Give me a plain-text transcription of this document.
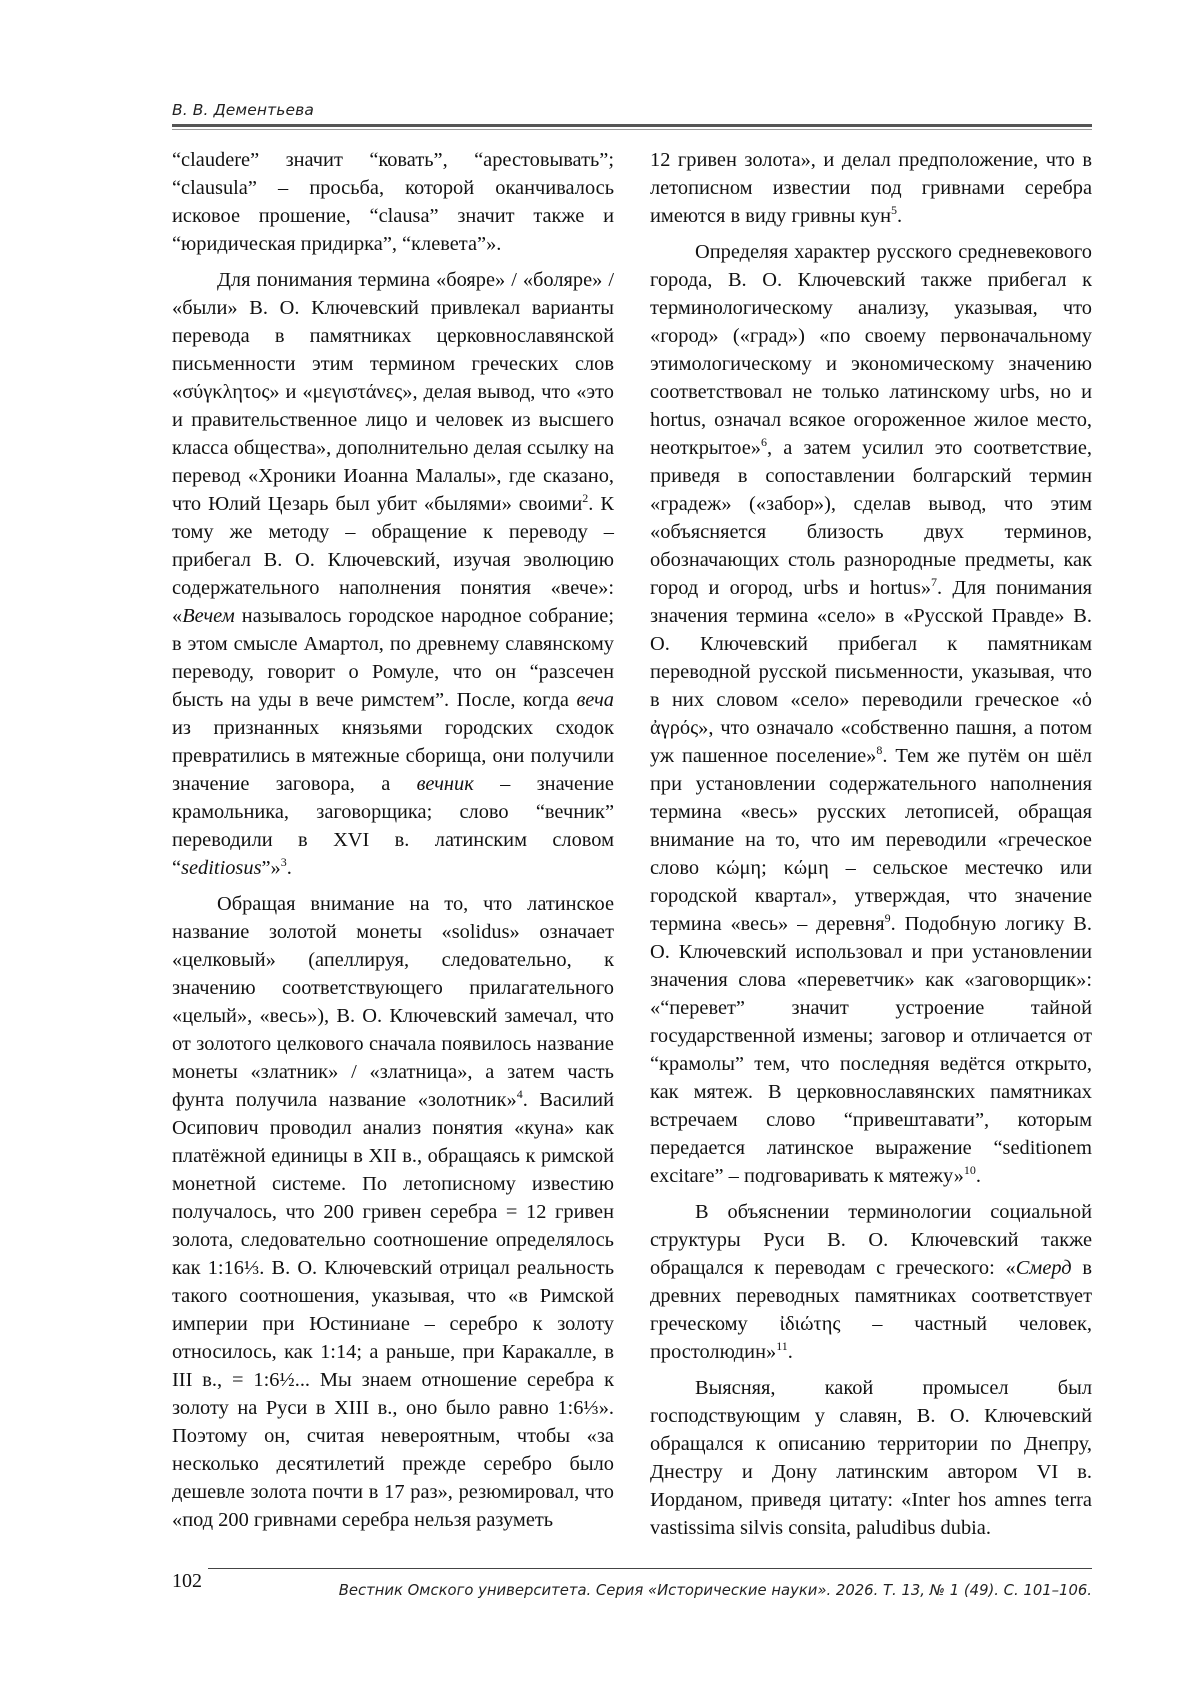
В. В. Дементьева

“claudere” значит “ковать”, “арестовывать”; “clausula” – просьба, которой оканчивалось исковое прошение, “clausa” значит также и “юридическая придирка”, “клевета”».

Для понимания термина «бояре» / «боляре» / «были» В. О. Ключевский привлекал варианты перевода в памятниках церковнославянской письменности этим термином греческих слов «σύγκλητος» и «μεγιστάνες», делая вывод, что «это и правительственное лицо и человек из высшего класса общества», дополнительно делая ссылку на перевод «Хроники Иоанна Малалы», где сказано, что Юлий Цезарь был убит «былями» своими$^2$. К тому же методу – обращение к переводу – прибегал В. О. Ключевский, изучая эволюцию содержательного наполнения понятия «вече»: «Вечем называлось городское народное собрание; в этом смысле Амартол, по древнему славянскому переводу, говорит о Ромуле, что он “разсечен бысть на уды в вече римстем”. После, когда веча из признанных князьями городских сходок превратились в мятежные сборища, они получили значение заговора, а вечник – значение крамольника, заговорщика; слово “вечник” переводили в XVI в. латинским словом “seditiosus”»$^3$.

Обращая внимание на то, что латинское название золотой монеты «solidus» означает «целковый» (апеллируя, следовательно, к значению соответствующего прилагательного «целый», «весь»), В. О. Ключевский замечал, что от золотого целкового сначала появилось название монеты «златник» / «златница», а затем часть фунта получила название «золотник»$^4$. Василий Осипович проводил анализ понятия «куна» как платёжной единицы в XII в., обращаясь к римской монетной системе. По летописному известию получалось, что 200 гривен серебра = 12 гривен золота, следовательно соотношение определялось как 1:16⅓. В. О. Ключевский отрицал реальность такого соотношения, указывая, что «в Римской империи при Юстиниане – серебро к золоту относилось, как 1:14; а раньше, при Каракалле, в III в., = 1:6½... Мы знаем отношение серебра к золоту на Руси в XIII в., оно было равно 1:6⅓». Поэтому он, считая невероятным, чтобы «за несколько десятилетий прежде серебро было дешевле золота почти в 17 раз», резюмировал, что «под 200 гривнами серебра нельзя разуметь

12 гривен золота», и делал предположение, что в летописном известии под гривнами серебра имеются в виду гривны кун$^5$.

Определяя характер русского средневекового города, В. О. Ключевский также прибегал к терминологическому анализу, указывая, что «город» («град») «по своему первоначальному этимологическому и экономическому значению соответствовал не только латинскому urbs, но и hortus, означал всякое огороженное жилое место, неоткрытое»$^6$, а затем усилил это соответствие, приведя в сопоставлении болгарский термин «градеж» («забор»), сделав вывод, что этим «объясняется близость двух терминов, обозначающих столь разнородные предметы, как город и огород, urbs и hortus»$^7$. Для понимания значения термина «село» в «Русской Правде» В. О. Ключевский прибегал к памятникам переводной русской письменности, указывая, что в них словом «село» переводили греческое «ὁ ἀγρός», что означало «собственно пашня, а потом уж пашенное поселение»$^8$. Тем же путём он шёл при установлении содержательного наполнения термина «весь» русских летописей, обращая внимание на то, что им переводили «греческое слово κώμη; κώμη – сельское местечко или городской квартал», утверждая, что значение термина «весь» – деревня$^9$. Подобную логику В. О. Ключевский использовал и при установлении значения слова «переветчик» как «заговорщик»: «“перевет” значит устроение тайной государственной измены; заговор и отличается от “крамолы” тем, что последняя ведётся открыто, как мятеж. В церковнославянских памятниках встречаем слово “привештавати”, которым передается латинское выражение “seditionem excitare” – подговаривать к мятежу»$^{10}$.

В объяснении терминологии социальной структуры Руси В. О. Ключевский также обращался к переводам с греческого: «Смерд в древних переводных памятниках соответствует греческому ἰδιώτης – частный человек, простолюдин»$^{11}$.

Выясняя, какой промысел был господствующим у славян, В. О. Ключевский обращался к описанию территории по Днепру, Днестру и Дону латинским автором VI в. Иорданом, приведя цитату: «Inter hos amnes terra vastissima silvis consita, paludibus dubia.

102	Вестник Омского университета. Серия «Исторические науки». 2026. Т. 13, № 1 (49). С. 101–106.
